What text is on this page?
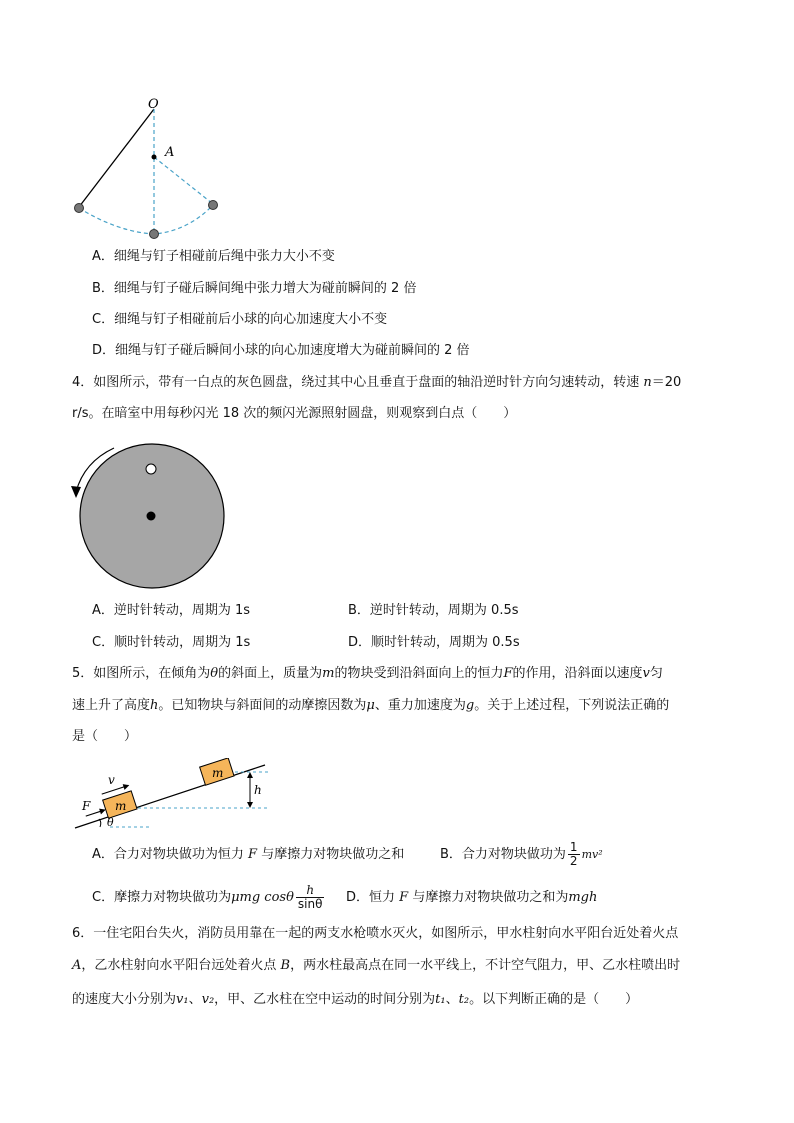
O
A
A．细绳与钉子相碰前后绳中张力大小不变
B．细绳与钉子碰后瞬间绳中张力增大为碰前瞬间的 2 倍
C．细绳与钉子相碰前后小球的向心加速度大小不变
D．细绳与钉子碰后瞬间小球的向心加速度增大为碰前瞬间的 2 倍
4．如图所示，带有一白点的灰色圆盘，绕过其中心且垂直于盘面的轴沿逆时针方向匀速转动，转速 n＝20
r/s。在暗室中用每秒闪光 18 次的频闪光源照射圆盘，则观察到白点（　　）
A．逆时针转动，周期为 1s	B．逆时针转动，周期为 0.5s
C．顺时针转动，周期为 1s	D．顺时针转动，周期为 0.5s
5．如图所示，在倾角为θ的斜面上，质量为m的物块受到沿斜面向上的恒力F的作用，沿斜面以速度v匀
速上升了高度h。已知物块与斜面间的动摩擦因数为μ、重力加速度为g。关于上述过程，下列说法正确的
是（　　）
v
F m
m
h
θ
A．合力对物块做功为恒力 F 与摩擦力对物块做功之和	B．合力对物块做功为 $\frac{1}{2} mv^2$
C．摩擦力对物块做功为μmg cosθ $\frac{h}{\sin\theta}$ D．恒力 F 与摩擦力对物块做功之和为mgh
6．一住宅阳台失火，消防员用靠在一起的两支水枪喷水灭火，如图所示，甲水柱射向水平阳台近处着火点
A，乙水柱射向水平阳台远处着火点 B，两水柱最高点在同一水平线上，不计空气阻力，甲、乙水柱喷出时
的速度大小分别为v₁、v₂，甲、乙水柱在空中运动的时间分别为t₁、t₂。以下判断正确的是（　　）
